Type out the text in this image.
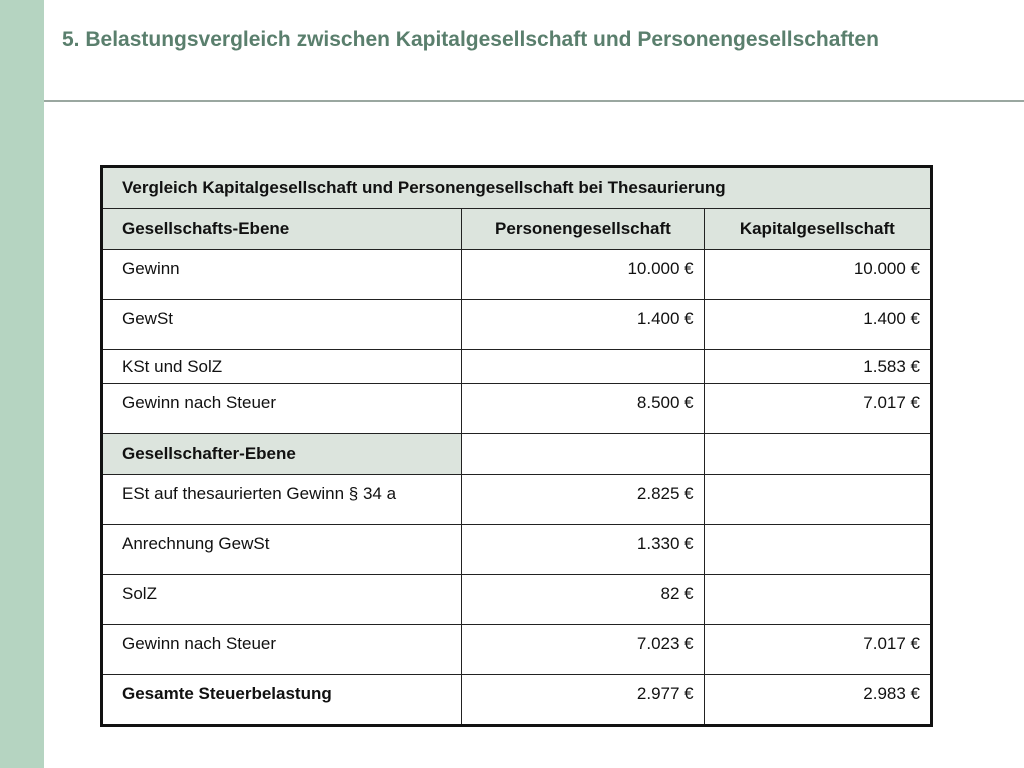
5. Belastungsvergleich zwischen Kapitalgesellschaft und Personengesellschaften
Vergleich Kapitalgesellschaft und Personengesellschaft bei Thesaurierung		
Gesellschafts-Ebene	Personengesellschaft	Kapitalgesellschaft
Gewinn	10.000 €	10.000 €
GewSt	1.400 €	1.400 €
KSt und SolZ		1.583 €
Gewinn nach Steuer	8.500 €	7.017 €
Gesellschafter-Ebene		
ESt auf thesaurierten Gewinn § 34 a	2.825 €	
Anrechnung GewSt	1.330 €	
SolZ	82 €	
Gewinn nach Steuer	7.023 €	7.017 €
Gesamte Steuerbelastung	2.977 €	2.983 €
